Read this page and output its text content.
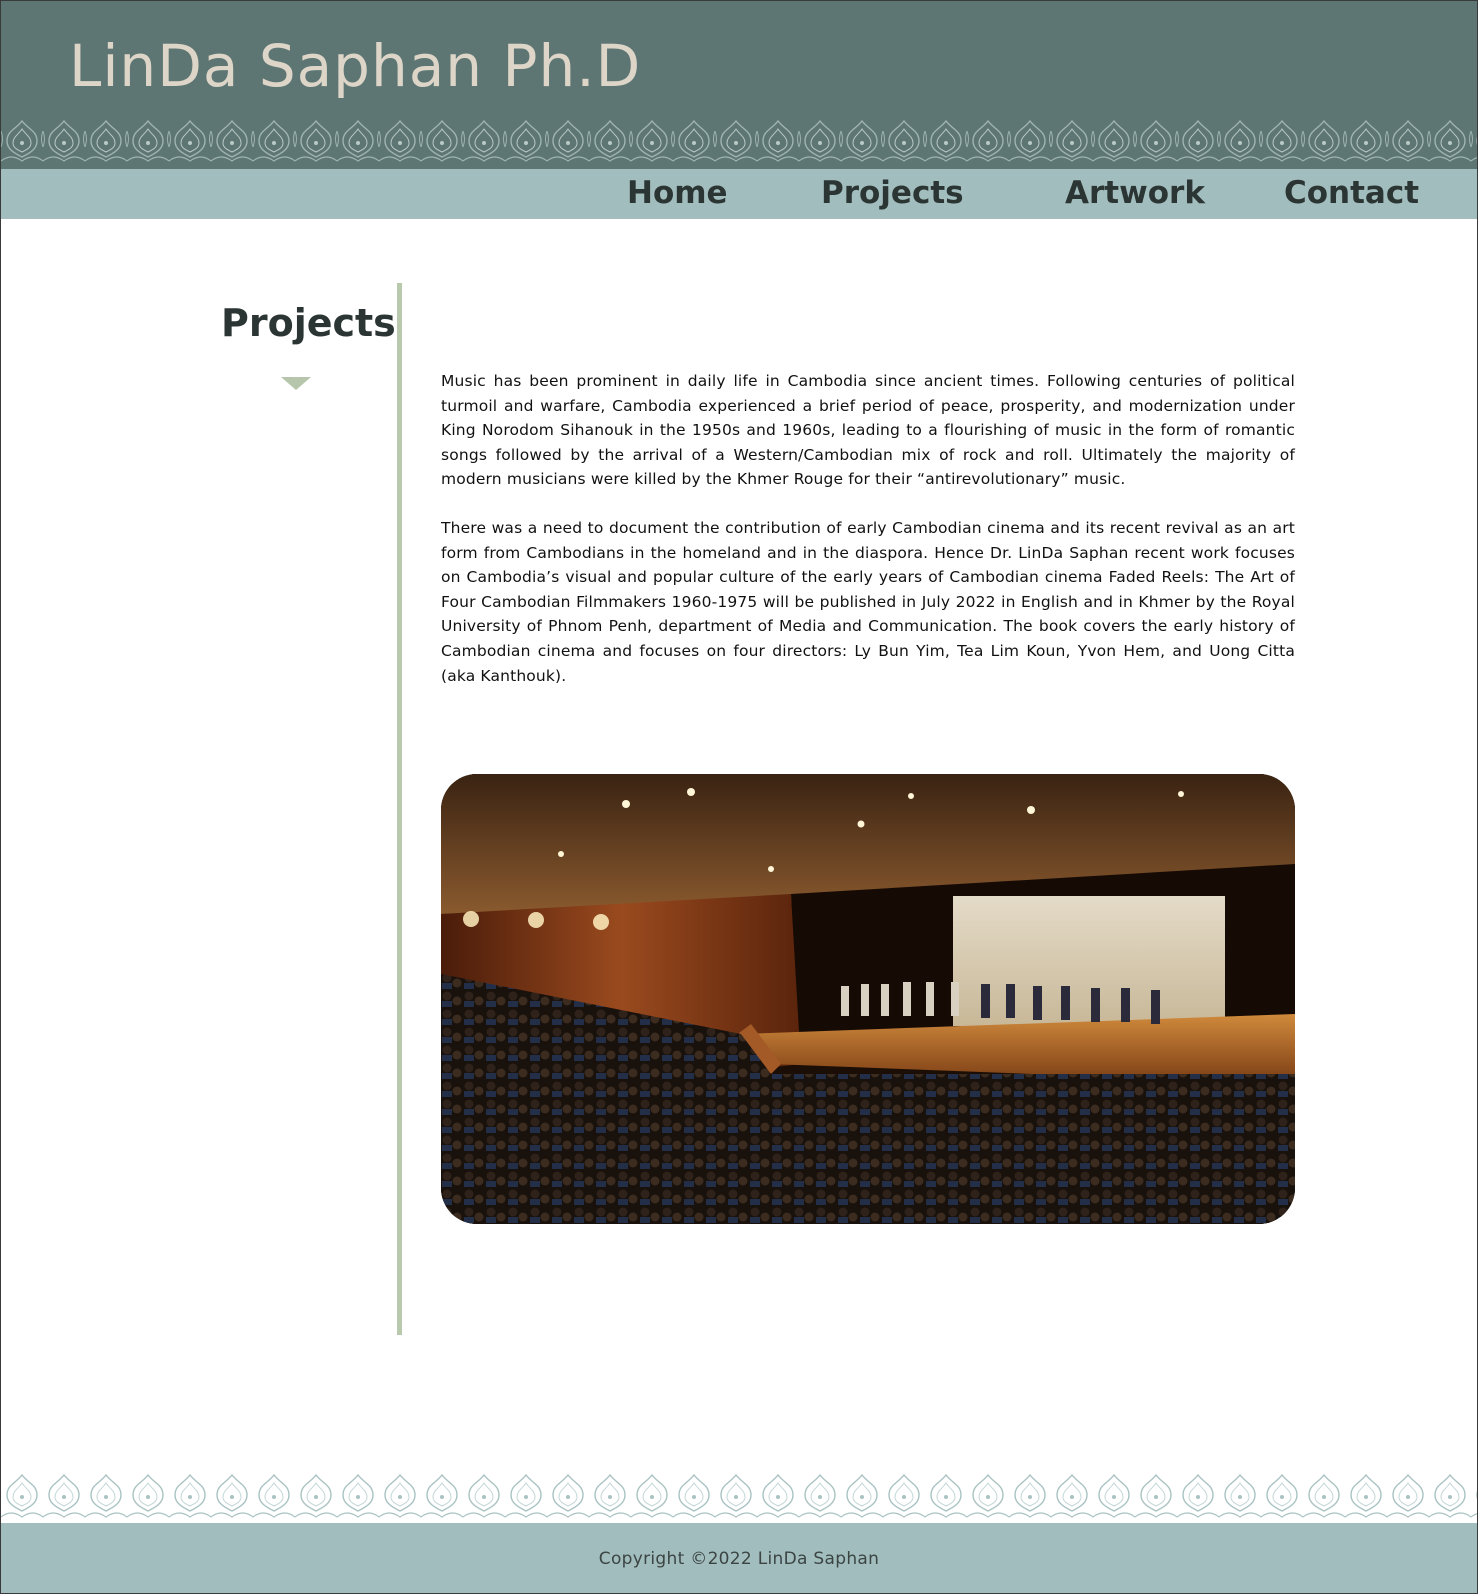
LinDa Saphan Ph.D
Home	Projects	Artwork	Contact
Projects

Music has been prominent in daily life in Cambodia since ancient times. Following centuries of political turmoil and warfare, Cambodia experienced a brief period of peace, prosperity, and modernization under King Norodom Sihanouk in the 1950s and 1960s, leading to a flourishing of music in the form of romantic songs followed by the arrival of a Western/Cambodian mix of rock and roll. Ultimately the majority of modern musicians were killed by the Khmer Rouge for their “antirevolutionary” music.

There was a need to document the contribution of early Cambodian cinema and its recent revival as an art form from Cambodians in the homeland and in the diaspora. Hence Dr. LinDa Saphan recent work focuses on Cambodia’s visual and popular culture of the early years of Cambodian cinema Faded Reels: The Art of Four Cambodian Filmmakers 1960-1975 will be published in July 2022 in English and in Khmer by the Royal University of Phnom Penh, department of Media and Communication. The book covers the early history of Cambodian cinema and focuses on four directors: Ly Bun Yim, Tea Lim Koun, Yvon Hem, and Uong Citta (aka Kanthouk).

Copyright ©2022 LinDa Saphan
